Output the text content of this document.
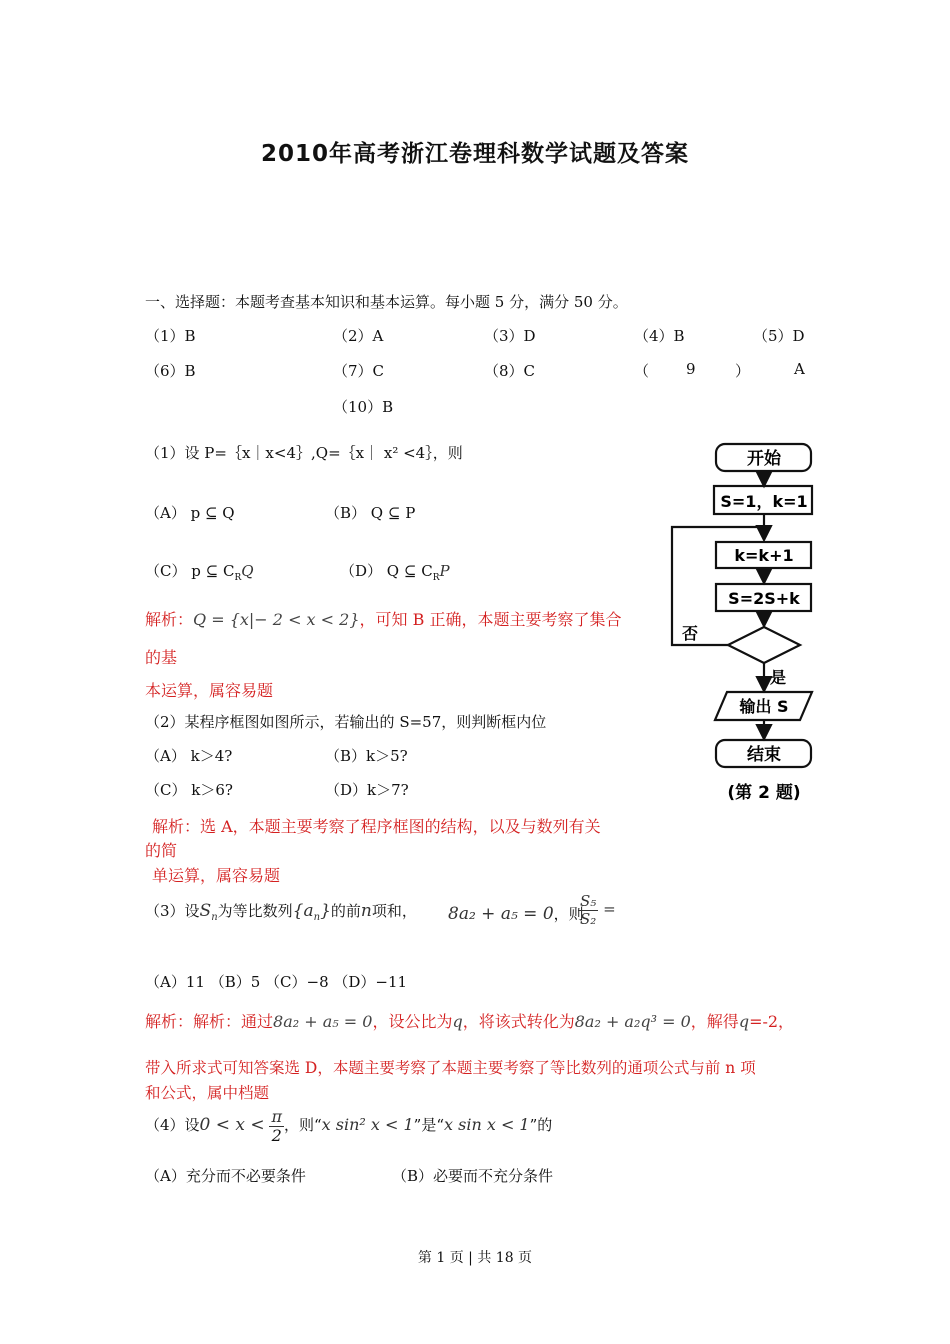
2010年高考浙江卷理科数学试题及答案
一、选择题：本题考查基本知识和基本运算。每小题 5 分，满分 50 分。
（1）B	（2）A	（3）D	（4）B	（5）D
（6）B	（7）C	（8）C	（ 9	）	A
（10）B
（1）设 P=｛x｜x<4｝,Q=｛x｜ x² <4｝，则
（A） p ⊆ Q	（B） Q ⊆ P
（C） p ⊆ $C_RQ$	（D） Q ⊆ $C_RP$
解析：Q = {x|− 2 < x < 2}，可知 B 正确，本题主要考察了集合
的基
本运算，属容易题
（2）某程序框图如图所示，若输出的 S=57，则判断框内位
（A） k＞4?	（B）k＞5?
（C） k＞6?	（D）k＞7?
解析：选 A，本题主要考察了程序框图的结构，以及与数列有关
的简
单运算，属容易题
开始
S=1，k=1
k=k+1
S=2S+k
否
是
输出 S
结束
(第 2 题)
（3）设$S_n$为等比数列$\{a_n\}$的前n项和， 8a₂ + a₅ = 0，则
$\frac{\text{S₅}}{\text{S₂}}$ =
（A）11 （B）5 （C）−8 （D）−11
解析：解析：通过8a₂ + a₅ = 0，设公比为q，将该式转化为8a₂ + a₂q³ = 0，解得q=-2，
带入所求式可知答案选 D，本题主要考察了本题主要考察了等比数列的通项公式与前 n 项
和公式，属中档题
（4）设$0 < x < \frac{\pi}{2}$ ，则“x sin² x < 1”是“x sin x < 1”的
（A）充分而不必要条件	（B）必要而不充分条件
第 1 页 | 共 18 页
